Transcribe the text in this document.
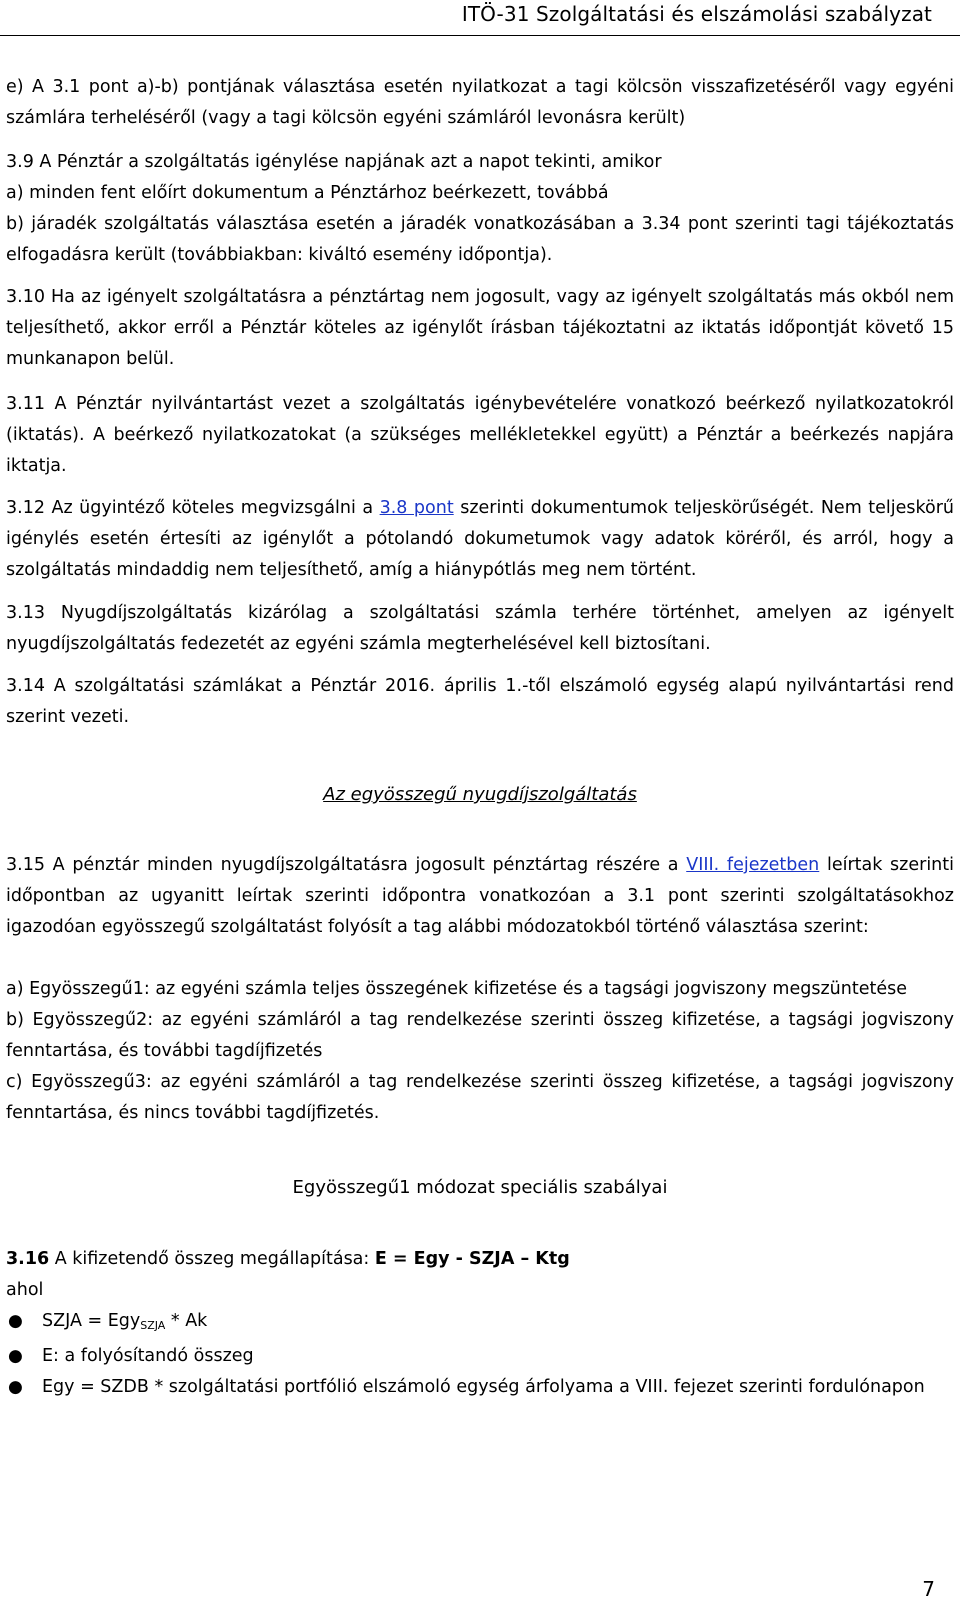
ITÖ-31 Szolgáltatási és elszámolási szabályzat

e) A 3.1 pont a)-b) pontjának választása esetén nyilatkozat a tagi kölcsön visszafizetéséről vagy egyéni számlára terheléséről (vagy a tagi kölcsön egyéni számláról levonásra került)

3.9 A Pénztár a szolgáltatás igénylése napjának azt a napot tekinti, amikor

a) minden fent előírt dokumentum a Pénztárhoz beérkezett, továbbá

b) járadék szolgáltatás választása esetén a járadék vonatkozásában a 3.34 pont szerinti tagi tájékoztatás elfogadásra került (továbbiakban: kiváltó esemény időpontja).

3.10 Ha az igényelt szolgáltatásra a pénztártag nem jogosult, vagy az igényelt szolgáltatás más okból nem teljesíthető, akkor erről a Pénztár köteles az igénylőt írásban tájékoztatni az iktatás időpontját követő 15 munkanapon belül.

3.11 A Pénztár nyilvántartást vezet a szolgáltatás igénybevételére vonatkozó beérkező nyilatkozatokról (iktatás). A beérkező nyilatkozatokat (a szükséges mellékletekkel együtt) a Pénztár a beérkezés napjára iktatja.

3.12 Az ügyintéző köteles megvizsgálni a 3.8 pont szerinti dokumentumok teljeskörűségét. Nem teljeskörű igénylés esetén értesíti az igénylőt a pótolandó dokumetumok vagy adatok köréről, és arról, hogy a szolgáltatás mindaddig nem teljesíthető, amíg a hiánypótlás meg nem történt.

3.13 Nyugdíjszolgáltatás kizárólag a szolgáltatási számla terhére történhet, amelyen az igényelt nyugdíjszolgáltatás fedezetét az egyéni számla megterhelésével kell biztosítani.

3.14 A szolgáltatási számlákat a Pénztár 2016. április 1.-től elszámoló egység alapú nyilvántartási rend szerint vezeti.

Az egyösszegű nyugdíjszolgáltatás

3.15 A pénztár minden nyugdíjszolgáltatásra jogosult pénztártag részére a VIII. fejezetben leírtak szerinti időpontban az ugyanitt leírtak szerinti időpontra vonatkozóan a 3.1 pont szerinti szolgáltatásokhoz igazodóan egyösszegű szolgáltatást folyósít a tag alábbi módozatokból történő választása szerint:

a) Egyösszegű1: az egyéni számla teljes összegének kifizetése és a tagsági jogviszony megszüntetése

b) Egyösszegű2: az egyéni számláról a tag rendelkezése szerinti összeg kifizetése, a tagsági jogviszony fenntartása, és további tagdíjfizetés

c) Egyösszegű3: az egyéni számláról a tag rendelkezése szerinti összeg kifizetése, a tagsági jogviszony fenntartása, és nincs további tagdíjfizetés.

Egyösszegű1 módozat speciális szabályai

3.16 A kifizetendő összeg megállapítása: E = Egy - SZJA – Ktg

ahol

● SZJA = Egy$_{SZJA}$ * Ak
● E: a folyósítandó összeg
● Egy = SZDB * szolgáltatási portfólió elszámoló egység árfolyama a VIII. fejezet szerinti fordulónapon
7
